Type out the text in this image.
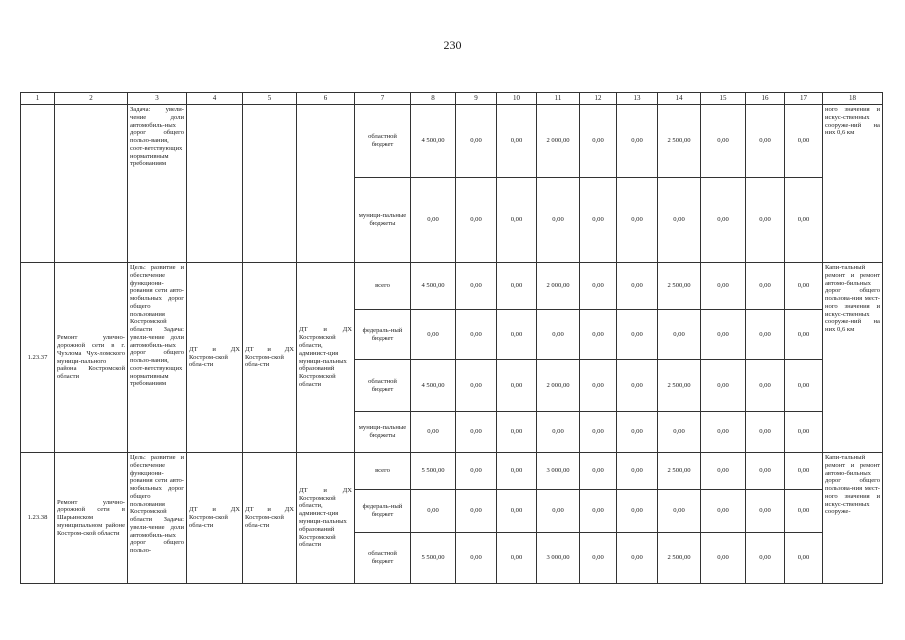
230
1	2	3	4	5	6	7	8	9	10	11	12	13	14	15	16	17	18
		Задача: увели-чение доли автомобиль-ных дорог общего пользо-вания, соот-ветствующих нормативным требованиям				областной бюджет	4 500,00	0,00	0,00	2 000,00	0,00	0,00	2 500,00	0,00	0,00	0,00	ного значения и искус-ственных сооруже-ний на них 0,6 км
						муници-пальные бюджеты	0,00	0,00	0,00	0,00	0,00	0,00	0,00	0,00	0,00	0,00	
1.23.37	Ремонт улично-дорожной сети в г. Чухлома Чух-ломского муници-пального района Костромской области	Цель: развитие и обеспечение функциони-рования сети авто-мобильных дорог общего пользования Костромской области Задача: увели-чение доли автомобиль-ных дорог общего пользо-вания, соот-ветствующих нормативным требованиям	ДТ и ДХ Костром-ской обла-сти	ДТ и ДХ Костром-ской обла-сти	ДТ и ДХ Костромской области, админист-ция муници-пальных образований Костромской области	всего	4 500,00	0,00	0,00	2 000,00	0,00	0,00	2 500,00	0,00	0,00	0,00	Капи-тальный ремонт и ремонт автомо-бильных дорог общего пользова-ния мест-ного значения и искус-ственных сооруже-ний на них 0,6 км
						федераль-ный бюджет	0,00	0,00	0,00	0,00	0,00	0,00	0,00	0,00	0,00	0,00	
						областной бюджет	4 500,00	0,00	0,00	2 000,00	0,00	0,00	2 500,00	0,00	0,00	0,00	
						муници-пальные бюджеты	0,00	0,00	0,00	0,00	0,00	0,00	0,00	0,00	0,00	0,00	
1.23.38	Ремонт улично-дорожной сети в Шарьинском муниципальном районе Костром-ской области	Цель: развитие и обеспечение функциони-рования сети авто-мобильных дорог общего пользования Костромской области Задача: увели-чение доли автомобиль-ных дорог общего пользо-	ДТ и ДХ Костром-ской обла-сти	ДТ и ДХ Костром-ской обла-сти	ДТ и ДХ Костромской области, админист-ция муници-пальных образований Костромской области	всего	5 500,00	0,00	0,00	3 000,00	0,00	0,00	2 500,00	0,00	0,00	0,00	Капи-тальный ремонт и ремонт автомо-бильных дорог общего пользова-ния мест-ного значения и искус-ственных сооруже-
						федераль-ный бюджет	0,00	0,00	0,00	0,00	0,00	0,00	0,00	0,00	0,00	0,00	
						областной бюджет	5 500,00	0,00	0,00	3 000,00	0,00	0,00	2 500,00	0,00	0,00	0,00	
